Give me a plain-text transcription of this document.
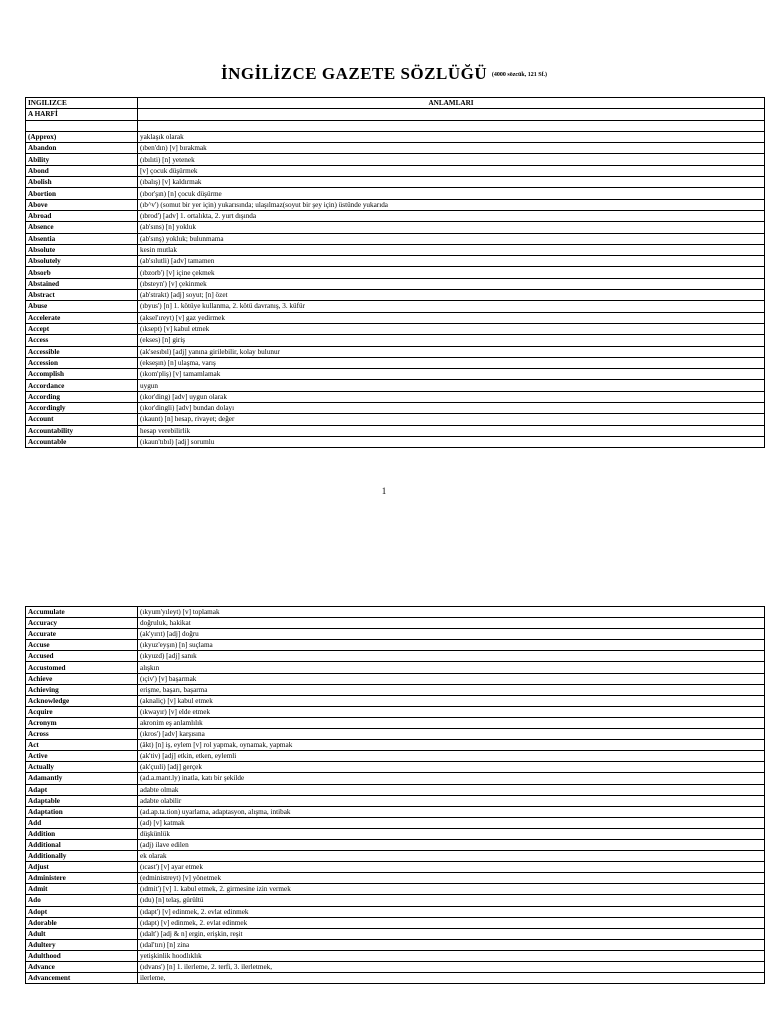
İNGİLİZCE GAZETE SÖZLÜĞÜ (4000 sözcük, 121 Sf.)
INGILIZCE	ANLAMLARI
A HARFİ	

(Approx)	yaklaşık olarak
Abandon	(ıben'dın) [v] bırakmak
Ability	(ıbılıti) [n] yetenek
Abond	[v] çocuk düşürmek
Abolish	(ıbalış) [v] kaldırmak
Abortion	(ıbor'şın) [n] çocuk düşürme
Above	(ıb^v') (somut bir yer için) yukarısında; ulaşılmaz(soyut bir şey için) üstünde yukarıda
Abroad	(ıbrod') [adv] 1. ortalıkta, 2. yurt dışında
Absence	(ab'sıns) [n] yokluk
Absentia	(ab'sınş) yokluk; bulunmama
Absolute	kesin mutlak
Absolutely	(ab'sılutli) [adv] tamamen
Absorb	(ıbzorb') [v] içine çekmek
Abstained	(ıbsteyn') [v] çekinmek
Abstract	(ab'strakt) [adj] soyut; [n] özet
Abuse	(ıbyus') [n] 1. kötüye kullanma, 2. kötü davranış, 3. küfür
Accelerate	(aksel'ıreyt) [v] gaz yedirmek
Accept	(ıksept) [v] kabul etmek
Access	(ekses) [n] giriş
Accessible	(ak'sesıbıl) [adj] yanına girilebilir, kolay bulunur
Accession	(ekseşın) [n] ulaşma, varış
Accomplish	(ıkom'pliş) [v] tamamlamak
Accordance	uygun
According	(ıkor'ding) [adv] uygun olarak
Accordingly	(ıkor'dingli) [adv] bundan dolayı
Account	(ıkaunt) [n] hesap, rivayet; değer
Accountability	hesap verebilirlik
Accountable	(ıkaun'tıbıl) [adj] sorumlu
1
Accumulate	(ıkyum'yıleyt) [v] toplamak
Accuracy	doğruluk, hakikat
Accurate	(ak'yırıt) [adj] doğru
Accuse	(ıkyuz'eyşın) [n] suçlama
Accused	(ıkyuzd) [adj] sanık
Accustomed	alışkın
Achieve	(ıçiv') [v] başarmak
Achieving	erişme, başarı, başarma
Acknowledge	(aknaliç) [v] kabul etmek
Acquire	(ıkwayır) [v] elde etmek
Acronym	akronim eş anlamlılık
Across	(ıkros') [adv] karşısına
Act	(äkt) [n] iş, eylem [v] rol yapmak, oynamak, yapmak
Active	(ak'tiv) [adj] etkin, etken, eylemli
Actually	(ak'çuıli) [adj] gerçek
Adamantly	(ad.a.mant.ly) inatla, katı bir şekilde
Adapt	adabte olmak
Adaptable	adabte olabilir
Adaptation	(ad.ap.ta.tion) uyarlama, adaptasyon, alışma, intibak
Add	(ad) [v] katmak
Addition	düşkünlük
Additional	(adj) ilave edilen
Additionally	ek olarak
Adjust	(ıcast') [v] ayar etmek
Administere	(edministreyt) [v] yönetmek
Admit	(ıdmit') [v] 1. kabul etmek, 2. girmesine izin vermek
Ado	(ıdu) [n] telaş, gürültü
Adopt	(ıdapt') [v] edinmek, 2. evlat edinmek
Adorable	(ıdapt) [v] edinmek, 2. evlat edinmek
Adult	(ıdalt') [adj & n] ergin, erişkin, reşit
Adultery	(ıdal'tırı) [n] zina
Adulthood	yetişkinlik hoodlıklık
Advance	(ıdvans') [n] 1. ilerleme, 2. terfi, 3. ilerletmek,
Advancement	ilerleme,
